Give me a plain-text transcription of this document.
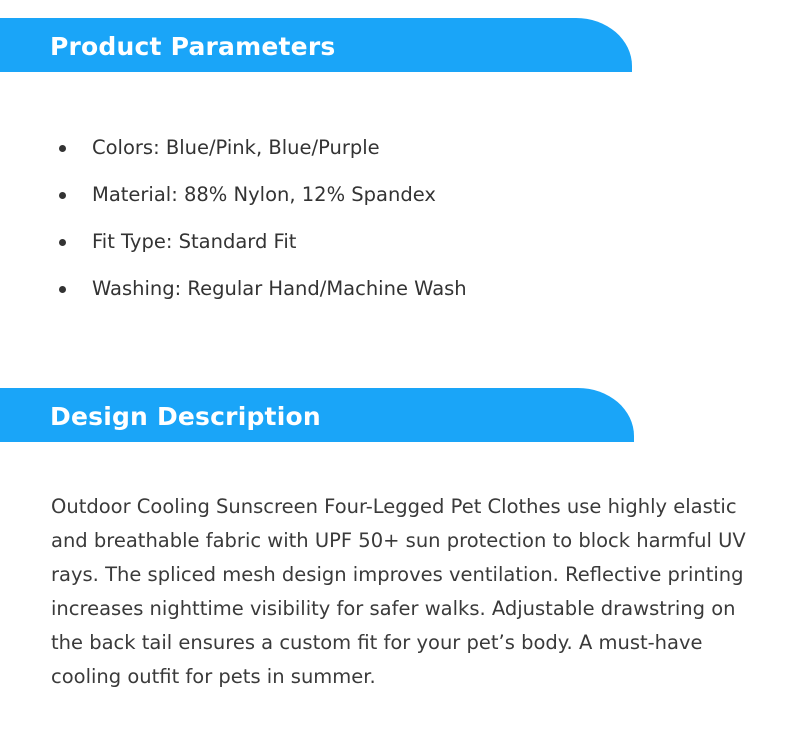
Product Parameters
Colors: Blue/Pink, Blue/Purple
Material: 88% Nylon, 12% Spandex
Fit Type: Standard Fit
Washing: Regular Hand/Machine Wash
Design Description

Outdoor Cooling Sunscreen Four-Legged Pet Clothes use highly elastic and breathable fabric with UPF 50+ sun protection to block harmful UV rays. The spliced mesh design improves ventilation. Reflective printing increases nighttime visibility for safer walks. Adjustable drawstring on the back tail ensures a custom fit for your pet’s body. A must-have cooling outfit for pets in summer.
